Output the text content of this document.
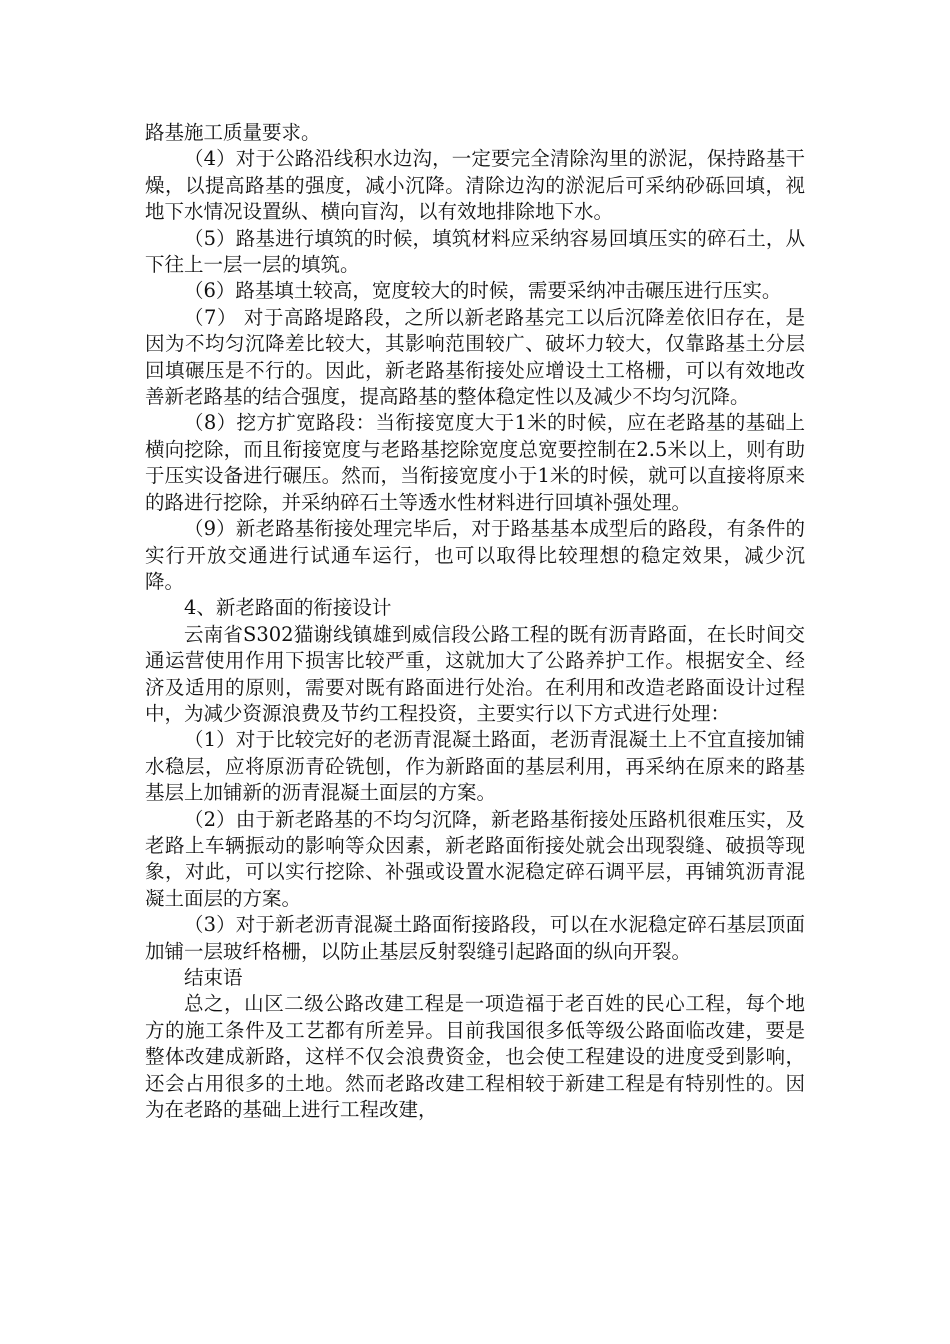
路基施工质量要求。

（4）对于公路沿线积水边沟，一定要完全清除沟里的淤泥，保持路基干燥，以提高路基的强度，减小沉降。清除边沟的淤泥后可采纳砂砾回填，视地下水情况设置纵、横向盲沟，以有效地排除地下水。

（5）路基进行填筑的时候，填筑材料应采纳容易回填压实的碎石土，从下往上一层一层的填筑。

（6）路基填土较高，宽度较大的时候，需要采纳冲击碾压进行压实。

（7） 对于高路堤路段，之所以新老路基完工以后沉降差依旧存在，是因为不均匀沉降差比较大，其影响范围较广、破坏力较大，仅靠路基土分层回填碾压是不行的。因此，新老路基衔接处应增设土工格栅，可以有效地改善新老路基的结合强度，提高路基的整体稳定性以及减少不均匀沉降。

（8）挖方扩宽路段：当衔接宽度大于1米的时候，应在老路基的基础上横向挖除，而且衔接宽度与老路基挖除宽度总宽要控制在2.5米以上，则有助于压实设备进行碾压。然而，当衔接宽度小于1米的时候，就可以直接将原来的路进行挖除，并采纳碎石土等透水性材料进行回填补强处理。

（9）新老路基衔接处理完毕后，对于路基基本成型后的路段，有条件的实行开放交通进行试通车运行，也可以取得比较理想的稳定效果，减少沉降。

4、新老路面的衔接设计

云南省S302猫谢线镇雄到威信段公路工程的既有沥青路面，在长时间交通运营使用作用下损害比较严重，这就加大了公路养护工作。根据安全、经济及适用的原则，需要对既有路面进行处治。在利用和改造老路面设计过程中，为减少资源浪费及节约工程投资，主要实行以下方式进行处理：

（1）对于比较完好的老沥青混凝土路面，老沥青混凝土上不宜直接加铺水稳层，应将原沥青砼铣刨，作为新路面的基层利用，再采纳在原来的路基基层上加铺新的沥青混凝土面层的方案。

（2）由于新老路基的不均匀沉降，新老路基衔接处压路机很难压实，及老路上车辆振动的影响等众因素，新老路面衔接处就会出现裂缝、破损等现象，对此，可以实行挖除、补强或设置水泥稳定碎石调平层，再铺筑沥青混凝土面层的方案。

（3）对于新老沥青混凝土路面衔接路段，可以在水泥稳定碎石基层顶面加铺一层玻纤格栅，以防止基层反射裂缝引起路面的纵向开裂。

结束语

总之，山区二级公路改建工程是一项造福于老百姓的民心工程，每个地方的施工条件及工艺都有所差异。目前我国很多低等级公路面临改建，要是整体改建成新路，这样不仅会浪费资金，也会使工程建设的进度受到影响，还会占用很多的土地。然而老路改建工程相较于新建工程是有特别性的。因为在老路的基础上进行工程改建，
